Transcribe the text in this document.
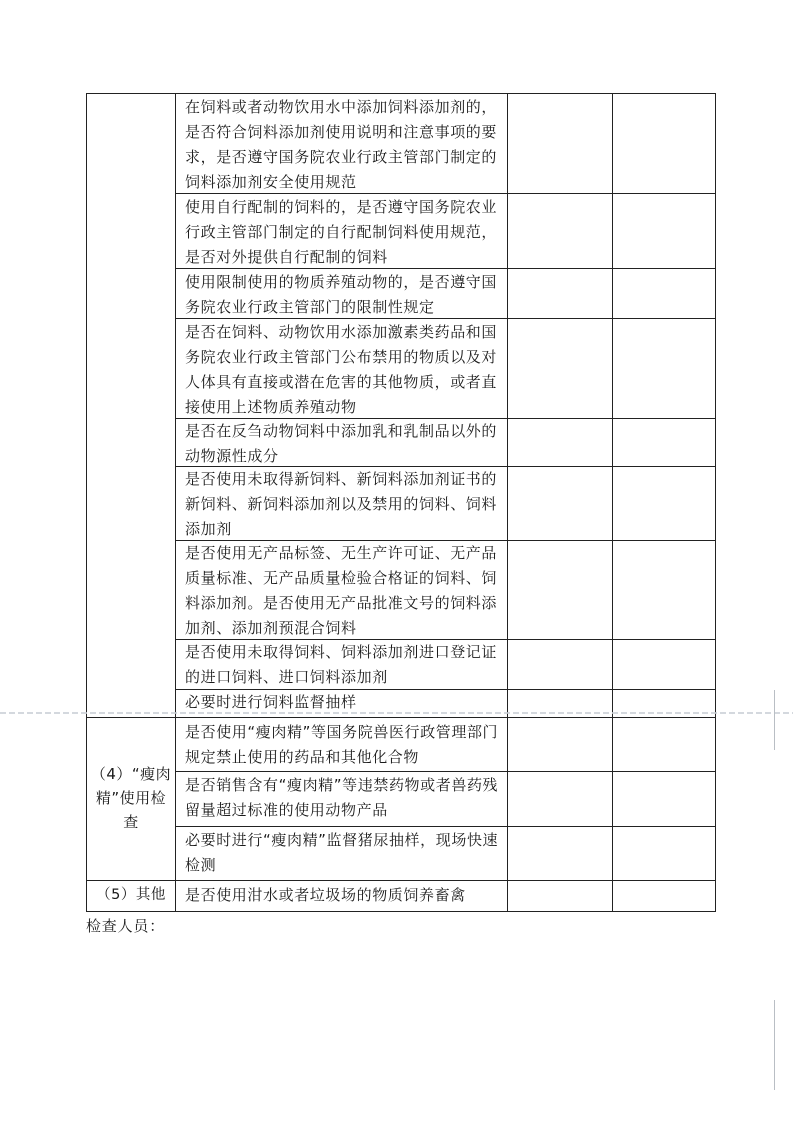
在饲料或者动物饮用水中添加饲料添加剂的，是否符合饲料添加剂使用说明和注意事项的要求，是否遵守国务院农业行政主管部门制定的饲料添加剂安全使用规范
使用自行配制的饲料的，是否遵守国务院农业行政主管部门制定的自行配制饲料使用规范，是否对外提供自行配制的饲料
使用限制使用的物质养殖动物的，是否遵守国务院农业行政主管部门的限制性规定
是否在饲料、动物饮用水添加激素类药品和国务院农业行政主管部门公布禁用的物质以及对人体具有直接或潜在危害的其他物质，或者直接使用上述物质养殖动物
是否在反刍动物饲料中添加乳和乳制品以外的动物源性成分
是否使用未取得新饲料、新饲料添加剂证书的新饲料、新饲料添加剂以及禁用的饲料、饲料添加剂
是否使用无产品标签、无生产许可证、无产品质量标准、无产品质量检验合格证的饲料、饲料添加剂。是否使用无产品批准文号的饲料添加剂、添加剂预混合饲料
是否使用未取得饲料、饲料添加剂进口登记证的进口饲料、进口饲料添加剂
必要时进行饲料监督抽样
是否使用“瘦肉精”等国务院兽医行政管理部门规定禁止使用的药品和其他化合物
是否销售含有“瘦肉精”等违禁药物或者兽药残留量超过标准的使用动物产品
必要时进行“瘦肉精”监督猪尿抽样，现场快速检测
是否使用泔水或者垃圾场的物质饲养畜禽
（4）“瘦肉精”使用检查
（5）其他
检查人员：
